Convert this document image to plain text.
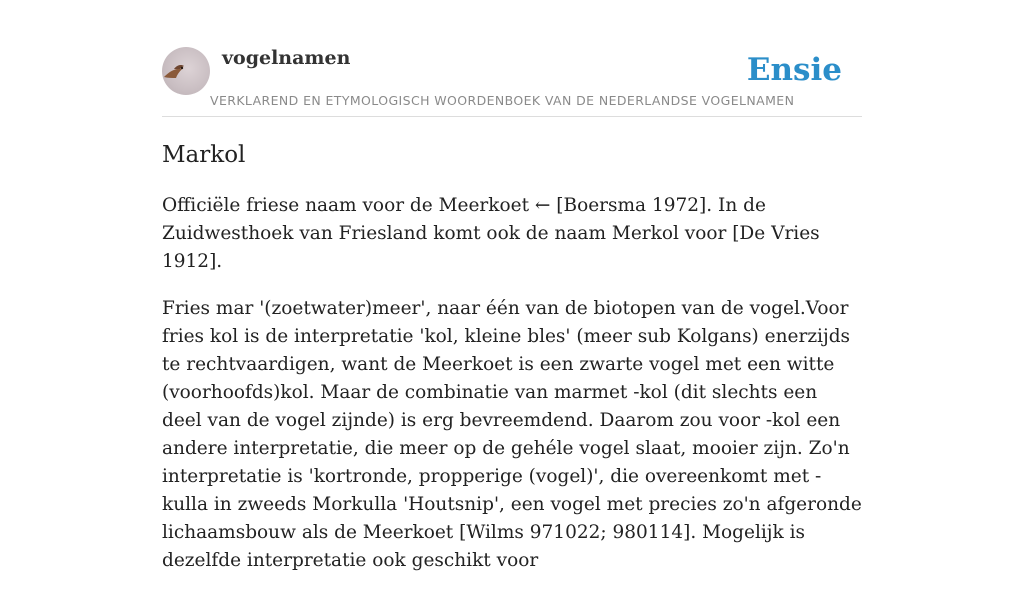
vogelnamen	Ensie
VERKLAREND EN ETYMOLOGISCH WOORDENBOEK VAN DE NEDERLANDSE VOGELNAMEN
Markol

Officiële friese naam voor de Meerkoet ← [Boersma 1972]. In de Zuidwesthoek van Friesland komt ook de naam Merkol voor [De Vries 1912].

Fries mar '(zoetwater)meer', naar één van de biotopen van de vogel.Voor fries kol is de interpretatie 'kol, kleine bles' (meer sub Kolgans) enerzijds te rechtvaardigen, want de Meerkoet is een zwarte vogel met een witte (voorhoofds)kol. Maar de combinatie van marmet -kol (dit slechts een deel van de vogel zijnde) is erg bevreemdend. Daarom zou voor -kol een andere interpretatie, die meer op de gehéle vogel slaat, mooier zijn. Zo'n interpretatie is 'kortronde, propperige (vogel)', die overeenkomt met -kulla in zweeds Morkulla 'Houtsnip', een vogel met precies zo'n afgeronde lichaamsbouw als de Meerkoet [Wilms 971022; 980114]. Mogelijk is dezelfde interpretatie ook geschikt voor
